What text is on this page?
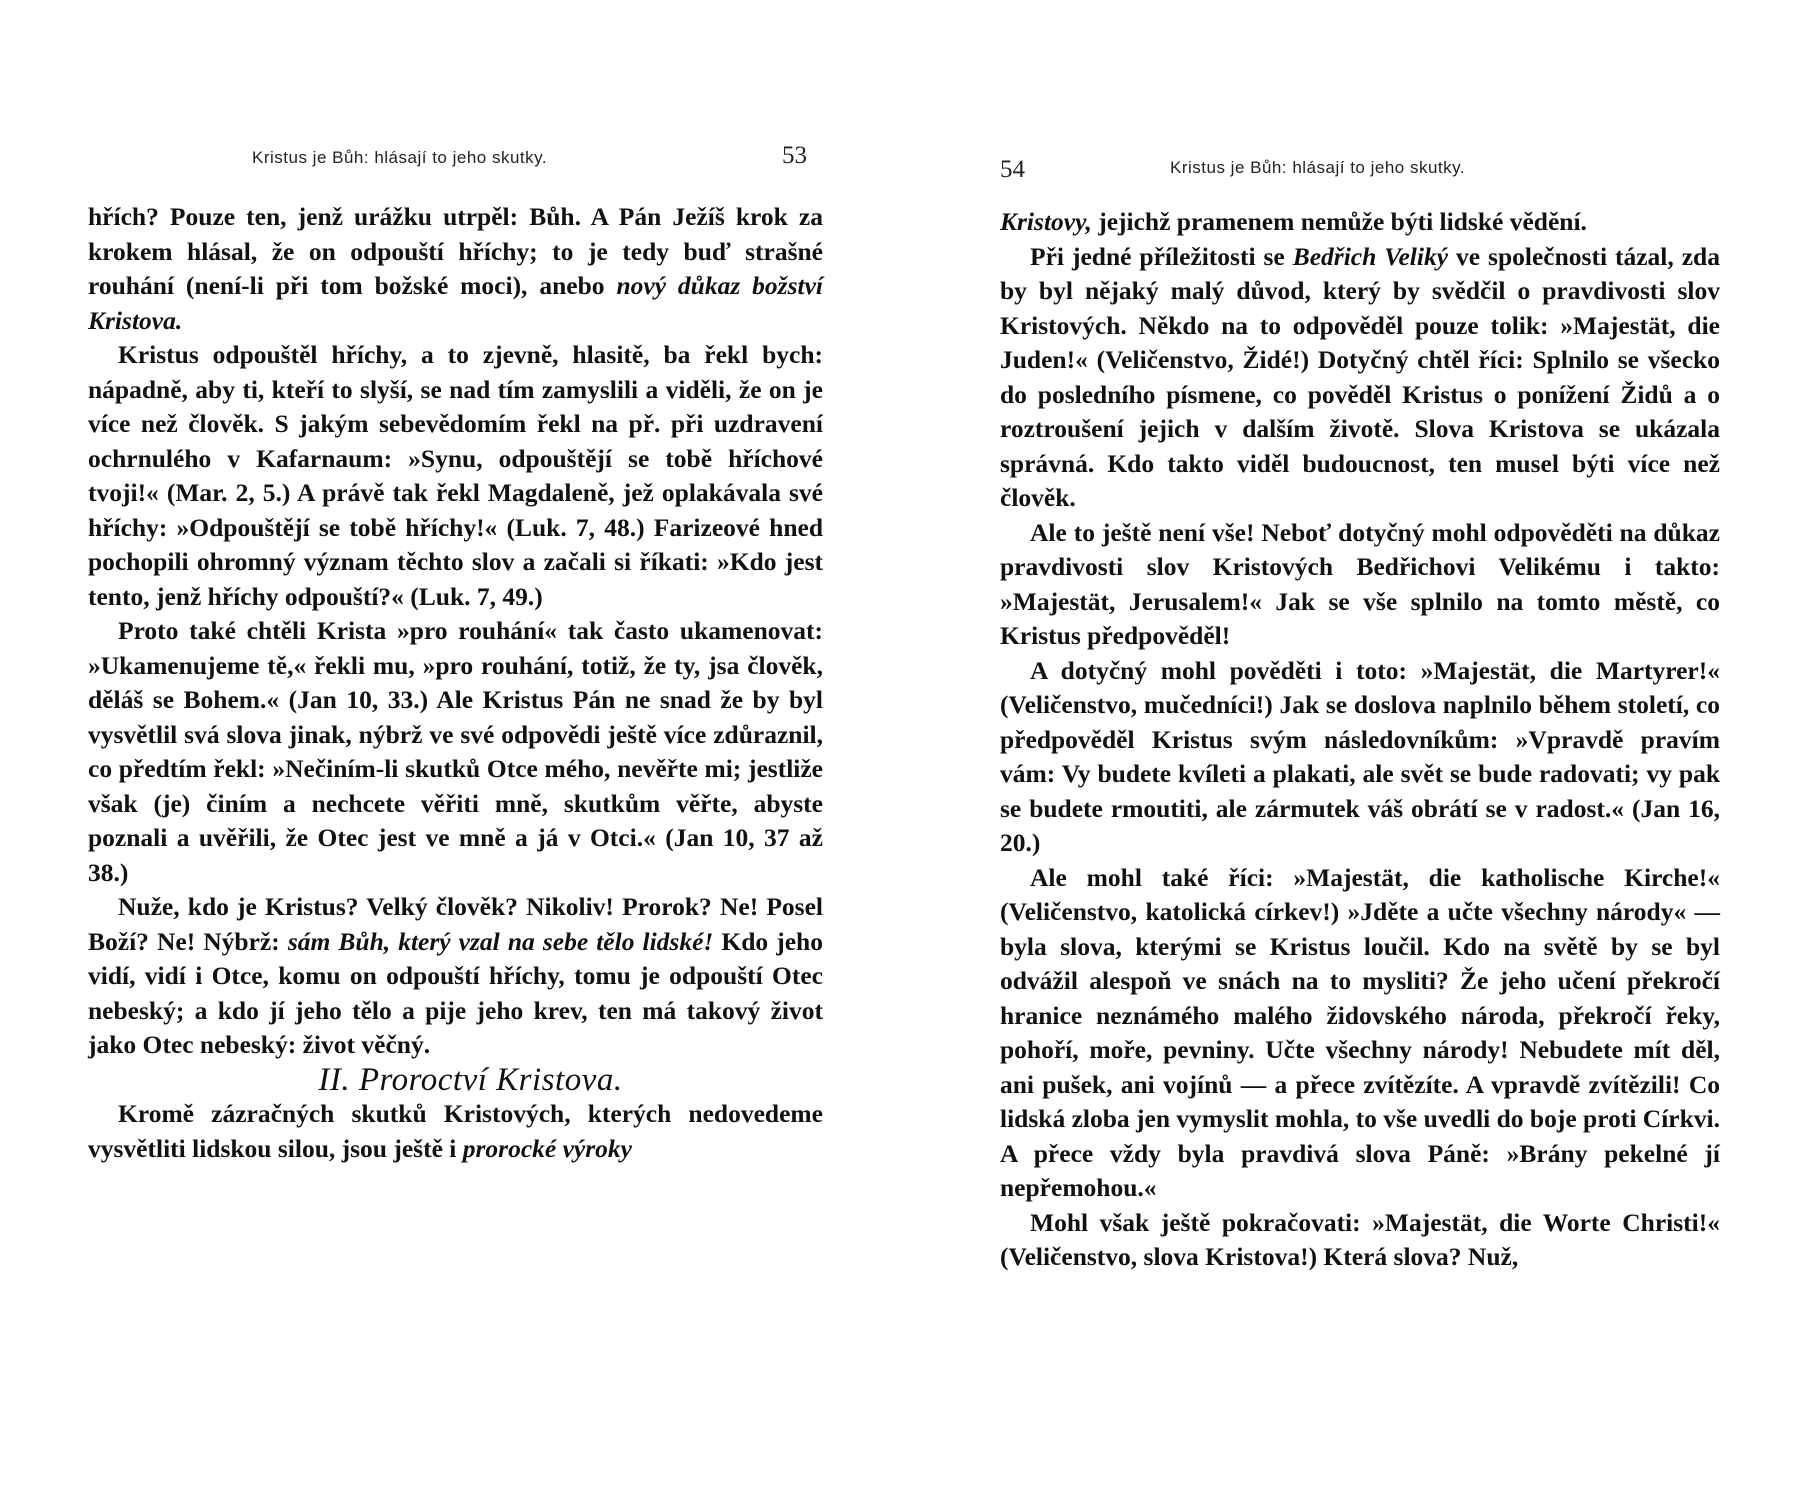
Kristus je Bůh: hlásají to jeho skutky.	53

hřích? Pouze ten, jenž urážku utrpěl: Bůh. A Pán Ježíš krok za krokem hlásal, že on odpouští hříchy; to je tedy buď strašné rouhání (není-li při tom božské moci), anebo nový důkaz božství Kristova.

Kristus odpouštěl hříchy, a to zjevně, hlasitě, ba řekl bych: nápadně, aby ti, kteří to slyší, se nad tím zamyslili a viděli, že on je více než člověk. S jakým sebevědomím řekl na př. při uzdravení ochrnulého v Kafarnaum: »Synu, odpouštějí se tobě hříchové tvoji!« (Mar. 2, 5.) A právě tak řekl Magdaleně, jež oplakávala své hříchy: »Odpouštějí se tobě hříchy!« (Luk. 7, 48.) Farizeové hned pochopili ohromný význam těchto slov a začali si říkati: »Kdo jest tento, jenž hříchy odpouští?« (Luk. 7, 49.)

Proto také chtěli Krista »pro rouhání« tak často ukamenovat: »Ukamenujeme tě,« řekli mu, »pro rouhání, totiž, že ty, jsa člověk, děláš se Bohem.« (Jan 10, 33.) Ale Kristus Pán ne snad že by byl vysvětlil svá slova jinak, nýbrž ve své odpovědi ještě více zdůraznil, co předtím řekl: »Nečiním-li skutků Otce mého, nevěřte mi; jestliže však (je) činím a nechcete věřiti mně, skutkům věřte, abyste poznali a uvěřili, že Otec jest ve mně a já v Otci.« (Jan 10, 37 až 38.)

Nuže, kdo je Kristus? Velký člověk? Nikoliv! Prorok? Ne! Posel Boží? Ne! Nýbrž: sám Bůh, který vzal na sebe tělo lidské! Kdo jeho vidí, vidí i Otce, komu on odpouští hříchy, tomu je odpouští Otec nebeský; a kdo jí jeho tělo a pije jeho krev, ten má takový život jako Otec nebeský: život věčný.

II. Proroctví Kristova.

Kromě zázračných skutků Kristových, kterých nedovedeme vysvětliti lidskou silou, jsou ještě i prorocké výroky

54	Kristus je Bůh: hlásají to jeho skutky.

Kristovy, jejichž pramenem nemůže býti lidské vědění.

Při jedné příležitosti se Bedřich Veliký ve společnosti tázal, zda by byl nějaký malý důvod, který by svědčil o pravdivosti slov Kristových. Někdo na to odpověděl pouze tolik: »Majestät, die Juden!« (Veličenstvo, Židé!) Dotyčný chtěl říci: Splnilo se všecko do posledního písmene, co pověděl Kristus o ponížení Židů a o roztroušení jejich v dalším životě. Slova Kristova se ukázala správná. Kdo takto viděl budoucnost, ten musel býti více než člověk.

Ale to ještě není vše! Neboť dotyčný mohl odpověděti na důkaz pravdivosti slov Kristových Bedřichovi Velikému i takto: »Majestät, Jerusalem!« Jak se vše splnilo na tomto městě, co Kristus předpověděl!

A dotyčný mohl pověděti i toto: »Majestät, die Martyrer!« (Veličenstvo, mučedníci!) Jak se doslova naplnilo během století, co předpověděl Kristus svým následovníkům: »Vpravdě pravím vám: Vy budete kvíleti a plakati, ale svět se bude radovati; vy pak se budete rmoutiti, ale zármutek váš obrátí se v radost.« (Jan 16, 20.)

Ale mohl také říci: »Majestät, die katholische Kirche!« (Veličenstvo, katolická církev!) »Jděte a učte všechny národy« — byla slova, kterými se Kristus loučil. Kdo na světě by se byl odvážil alespoň ve snách na to mysliti? Že jeho učení překročí hranice neznámého malého židovského národa, překročí řeky, pohoří, moře, pevniny. Učte všechny národy! Nebudete mít děl, ani pušek, ani vojínů — a přece zvítězíte. A vpravdě zvítězili! Co lidská zloba jen vymyslit mohla, to vše uvedli do boje proti Církvi. A přece vždy byla pravdivá slova Páně: »Brány pekelné jí nepřemohou.«

Mohl však ještě pokračovati: »Majestät, die Worte Christi!« (Veličenstvo, slova Kristova!) Která slova? Nuž,
